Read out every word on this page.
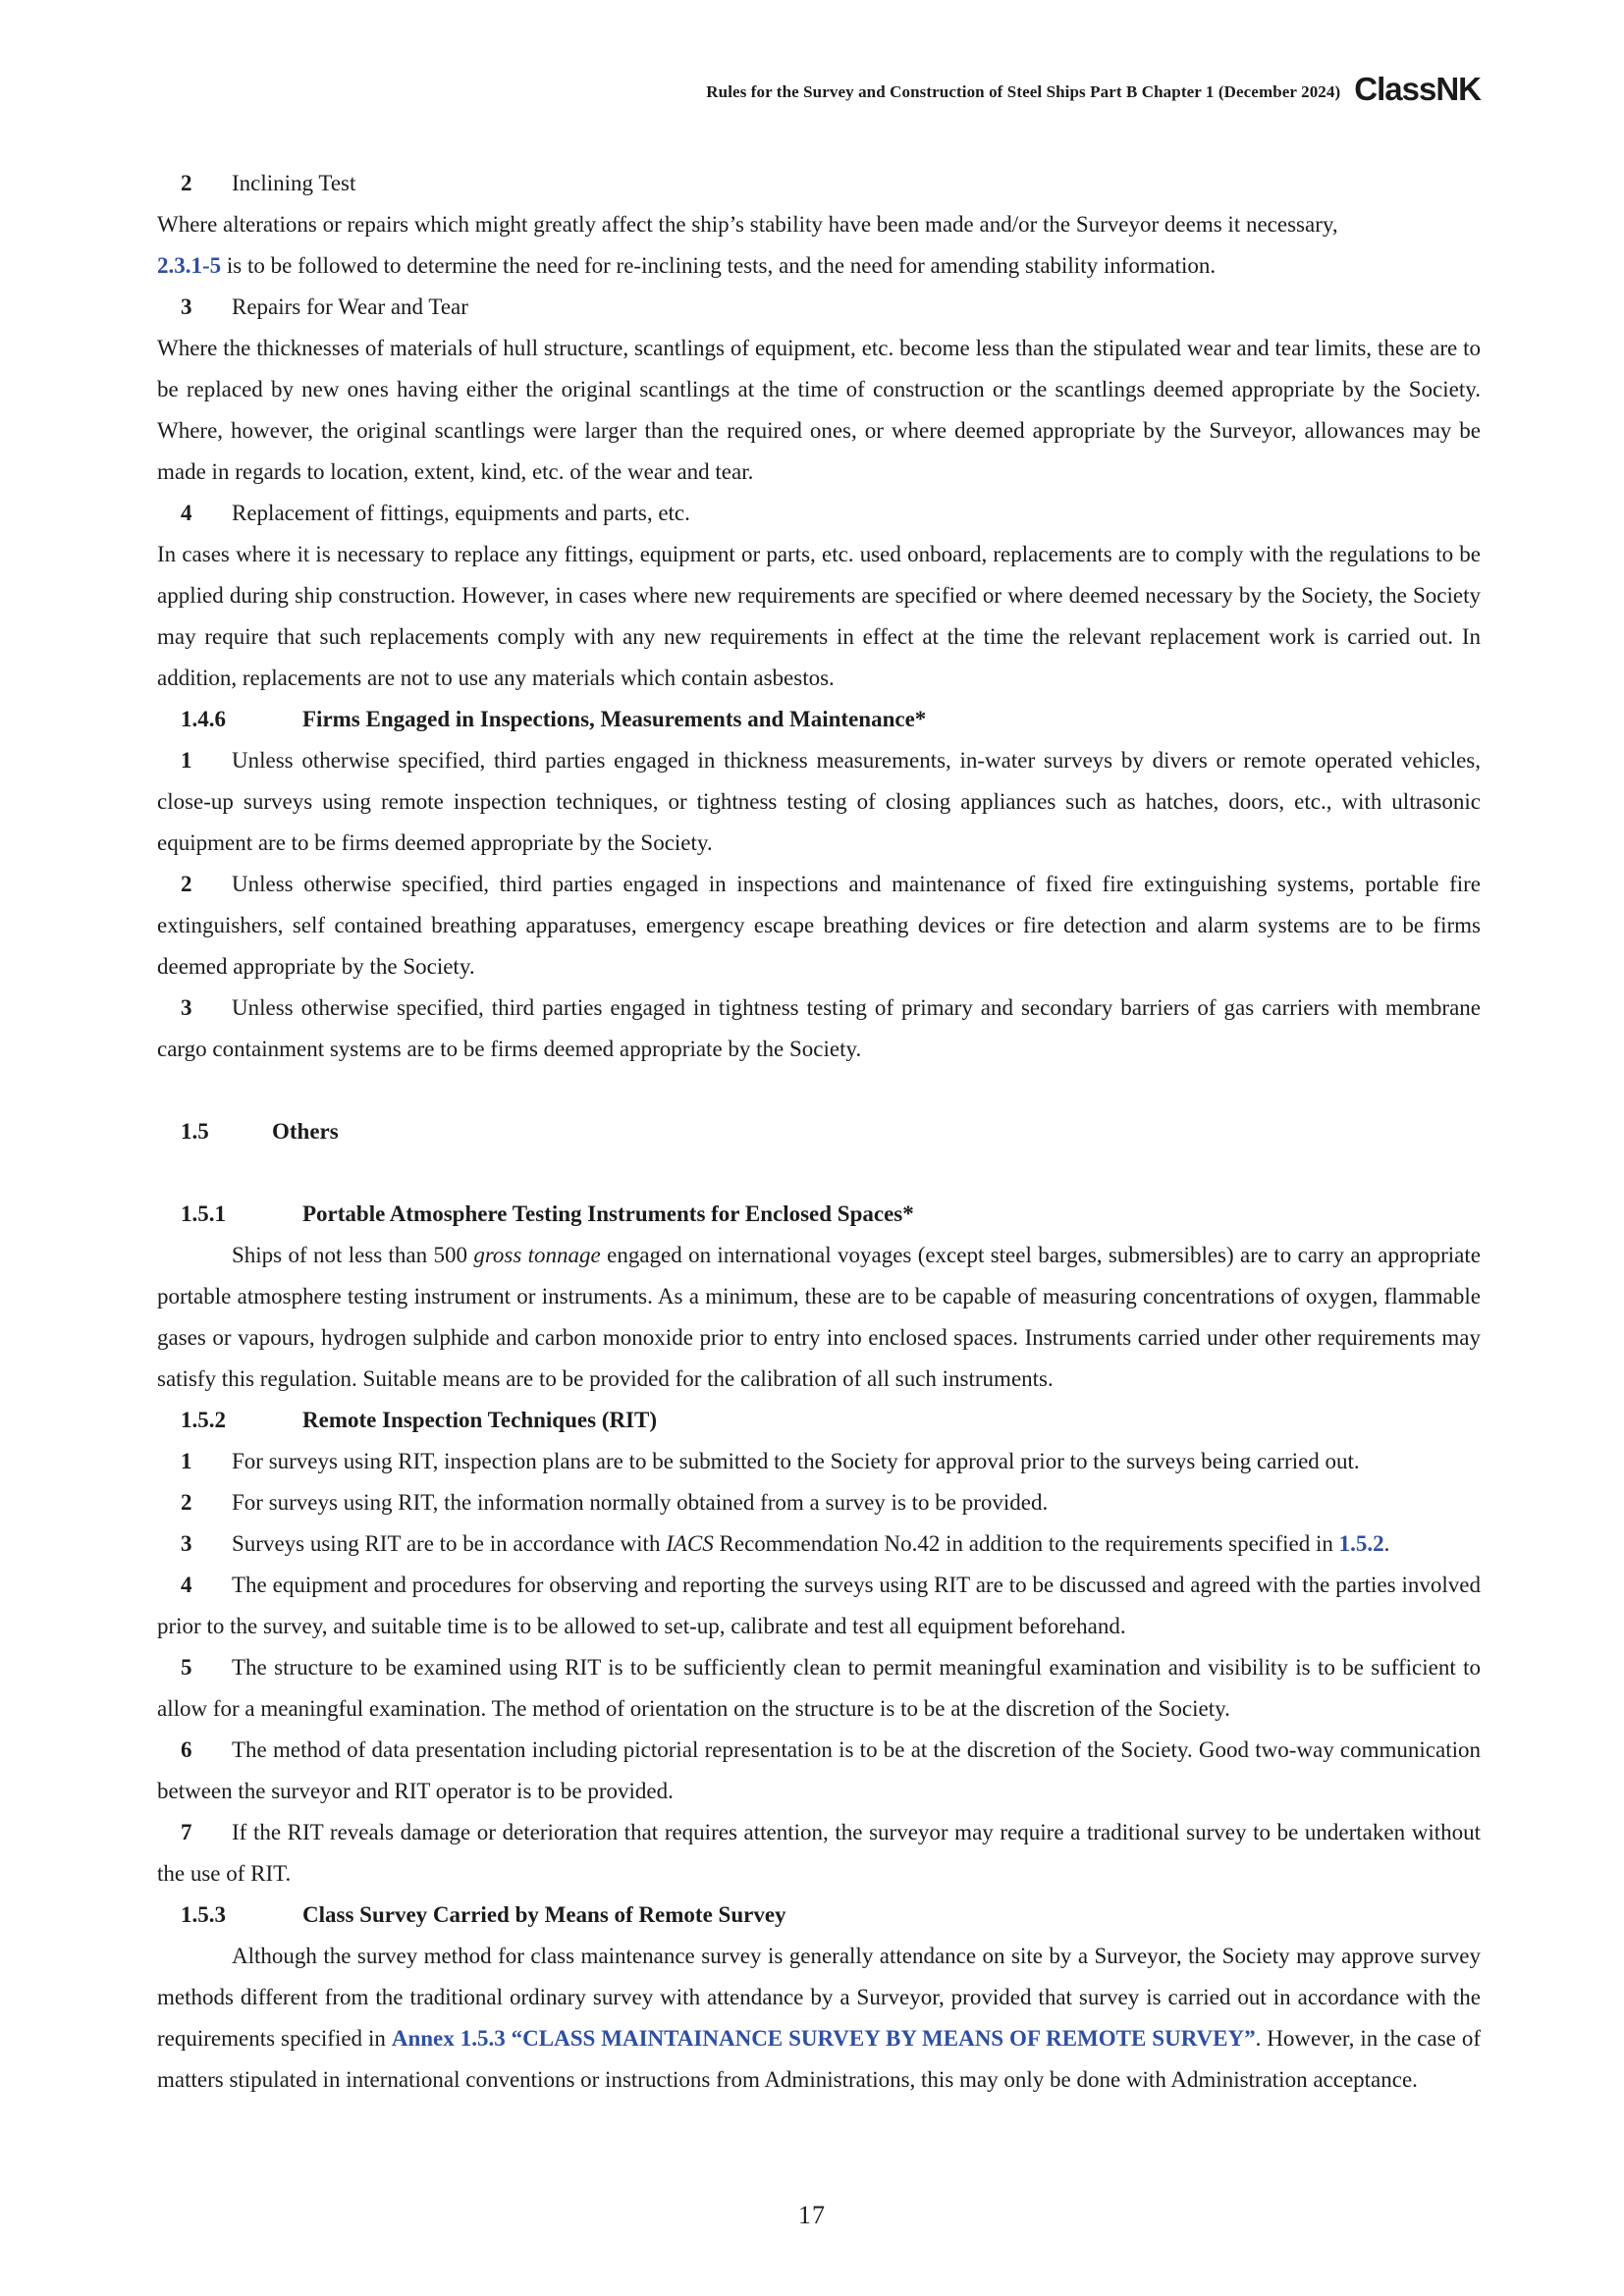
Rules for the Survey and Construction of Steel Ships Part B Chapter 1 (December 2024) ClassNK
2	Inclining Test

Where alterations or repairs which might greatly affect the ship’s stability have been made and/or the Surveyor deems it necessary,
2.3.1-5 is to be followed to determine the need for re-inclining tests, and the need for amending stability information.

3	Repairs for Wear and Tear

Where the thicknesses of materials of hull structure, scantlings of equipment, etc. become less than the stipulated wear and tear limits, these are to be replaced by new ones having either the original scantlings at the time of construction or the scantlings deemed appropriate by the Society. Where, however, the original scantlings were larger than the required ones, or where deemed appropriate by the Surveyor, allowances may be made in regards to location, extent, kind, etc. of the wear and tear.

4	Replacement of fittings, equipments and parts, etc.

In cases where it is necessary to replace any fittings, equipment or parts, etc. used onboard, replacements are to comply with the regulations to be applied during ship construction. However, in cases where new requirements are specified or where deemed necessary by the Society, the Society may require that such replacements comply with any new requirements in effect at the time the relevant replacement work is carried out. In addition, replacements are not to use any materials which contain asbestos.

1.4.6	Firms Engaged in Inspections, Measurements and Maintenance*

1 Unless otherwise specified, third parties engaged in thickness measurements, in-water surveys by divers or remote operated vehicles, close-up surveys using remote inspection techniques, or tightness testing of closing appliances such as hatches, doors, etc., with ultrasonic equipment are to be firms deemed appropriate by the Society.

2 Unless otherwise specified, third parties engaged in inspections and maintenance of fixed fire extinguishing systems, portable fire extinguishers, self contained breathing apparatuses, emergency escape breathing devices or fire detection and alarm systems are to be firms deemed appropriate by the Society.

3 Unless otherwise specified, third parties engaged in tightness testing of primary and secondary barriers of gas carriers with membrane cargo containment systems are to be firms deemed appropriate by the Society.

1.5	Others
1.5.1	Portable Atmosphere Testing Instruments for Enclosed Spaces*

Ships of not less than 500 gross tonnage engaged on international voyages (except steel barges, submersibles) are to carry an appropriate portable atmosphere testing instrument or instruments. As a minimum, these are to be capable of measuring concentrations of oxygen, flammable gases or vapours, hydrogen sulphide and carbon monoxide prior to entry into enclosed spaces. Instruments carried under other requirements may satisfy this regulation. Suitable means are to be provided for the calibration of all such instruments.

1.5.2	Remote Inspection Techniques (RIT)

1 For surveys using RIT, inspection plans are to be submitted to the Society for approval prior to the surveys being carried out.

2 For surveys using RIT, the information normally obtained from a survey is to be provided.

3 Surveys using RIT are to be in accordance with IACS Recommendation No.42 in addition to the requirements specified in 1.5.2.

4 The equipment and procedures for observing and reporting the surveys using RIT are to be discussed and agreed with the parties involved prior to the survey, and suitable time is to be allowed to set-up, calibrate and test all equipment beforehand.

5 The structure to be examined using RIT is to be sufficiently clean to permit meaningful examination and visibility is to be sufficient to allow for a meaningful examination. The method of orientation on the structure is to be at the discretion of the Society.

6 The method of data presentation including pictorial representation is to be at the discretion of the Society. Good two-way communication between the surveyor and RIT operator is to be provided.

7 If the RIT reveals damage or deterioration that requires attention, the surveyor may require a traditional survey to be undertaken without the use of RIT.

1.5.3	Class Survey Carried by Means of Remote Survey

Although the survey method for class maintenance survey is generally attendance on site by a Surveyor, the Society may approve survey methods different from the traditional ordinary survey with attendance by a Surveyor, provided that survey is carried out in accordance with the requirements specified in Annex 1.5.3 “CLASS MAINTAINANCE SURVEY BY MEANS OF REMOTE SURVEY”. However, in the case of matters stipulated in international conventions or instructions from Administrations, this may only be done with Administration acceptance.

17
